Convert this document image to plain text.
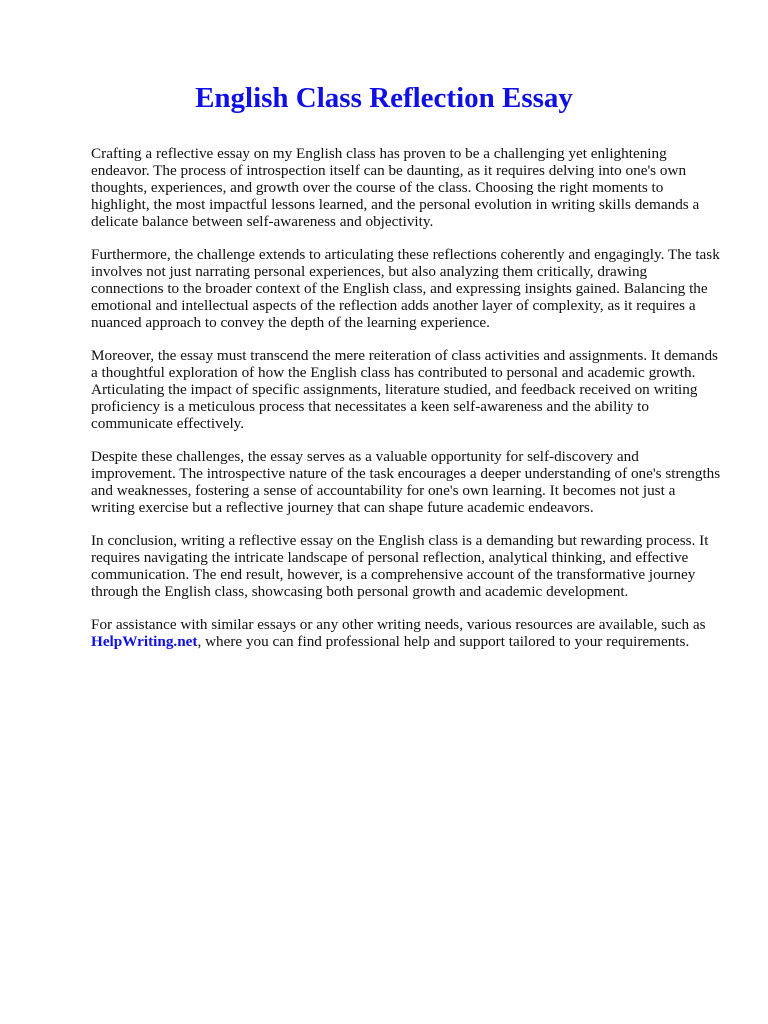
English Class Reflection Essay

Crafting a reflective essay on my English class has proven to be a challenging yet enlightening endeavor. The process of introspection itself can be daunting, as it requires delving into one's own thoughts, experiences, and growth over the course of the class. Choosing the right moments to highlight, the most impactful lessons learned, and the personal evolution in writing skills demands a delicate balance between self-awareness and objectivity.

Furthermore, the challenge extends to articulating these reflections coherently and engagingly. The task involves not just narrating personal experiences, but also analyzing them critically, drawing connections to the broader context of the English class, and expressing insights gained. Balancing the emotional and intellectual aspects of the reflection adds another layer of complexity, as it requires a nuanced approach to convey the depth of the learning experience.

Moreover, the essay must transcend the mere reiteration of class activities and assignments. It demands a thoughtful exploration of how the English class has contributed to personal and academic growth. Articulating the impact of specific assignments, literature studied, and feedback received on writing proficiency is a meticulous process that necessitates a keen self-awareness and the ability to communicate effectively.

Despite these challenges, the essay serves as a valuable opportunity for self-discovery and improvement. The introspective nature of the task encourages a deeper understanding of one's strengths and weaknesses, fostering a sense of accountability for one's own learning. It becomes not just a writing exercise but a reflective journey that can shape future academic endeavors.

In conclusion, writing a reflective essay on the English class is a demanding but rewarding process. It requires navigating the intricate landscape of personal reflection, analytical thinking, and effective communication. The end result, however, is a comprehensive account of the transformative journey through the English class, showcasing both personal growth and academic development.

For assistance with similar essays or any other writing needs, various resources are available, such as HelpWriting.net, where you can find professional help and support tailored to your requirements.
